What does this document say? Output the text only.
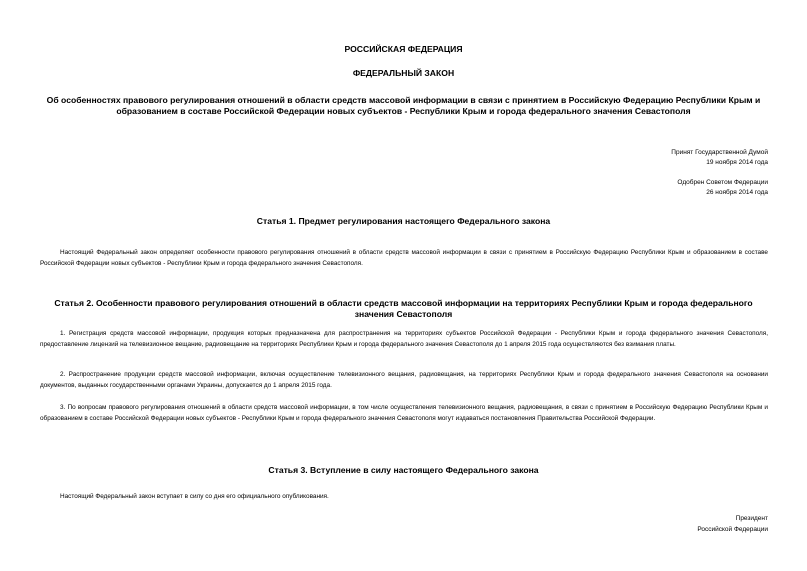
РОССИЙСКАЯ ФЕДЕРАЦИЯ
ФЕДЕРАЛЬНЫЙ ЗАКОН
Об особенностях правового регулирования отношений в области средств массовой информации в связи с принятием в Российскую Федерацию Республики Крым и образованием в составе Российской Федерации новых субъектов - Республики Крым и города федерального значения Севастополя
Принят Государственной Думой
19 ноября 2014 года
Одобрен Советом Федерации
26 ноября 2014 года
Статья 1. Предмет регулирования настоящего Федерального закона
Настоящий Федеральный закон определяет особенности правового регулирования отношений в области средств массовой информации в связи с принятием в Российскую Федерацию Республики Крым и образованием в составе Российской Федерации новых субъектов - Республики Крым и города федерального значения Севастополя.
Статья 2. Особенности правового регулирования отношений в области средств массовой информации на территориях Республики Крым и города федерального значения Севастополя
1. Регистрация средств массовой информации, продукция которых предназначена для распространения на территориях субъектов Российской Федерации - Республики Крым и города федерального значения Севастополя, предоставление лицензий на телевизионное вещание, радиовещание на территориях Республики Крым и города федерального значения Севастополя до 1 апреля 2015 года осуществляются без взимания платы.
2. Распространение продукции средств массовой информации, включая осуществление телевизионного вещания, радиовещания, на территориях Республики Крым и города федерального значения Севастополя на основании документов, выданных государственными органами Украины, допускается до 1 апреля 2015 года.
3. По вопросам правового регулирования отношений в области средств массовой информации, в том числе осуществления телевизионного вещания, радиовещания, в связи с принятием в Российскую Федерацию Республики Крым и образованием в составе Российской Федерации новых субъектов - Республики Крым и города федерального значения Севастополя могут издаваться постановления Правительства Российской Федерации.
Статья 3. Вступление в силу настоящего Федерального закона
Настоящий Федеральный закон вступает в силу со дня его официального опубликования.
Президент
Российской Федерации
